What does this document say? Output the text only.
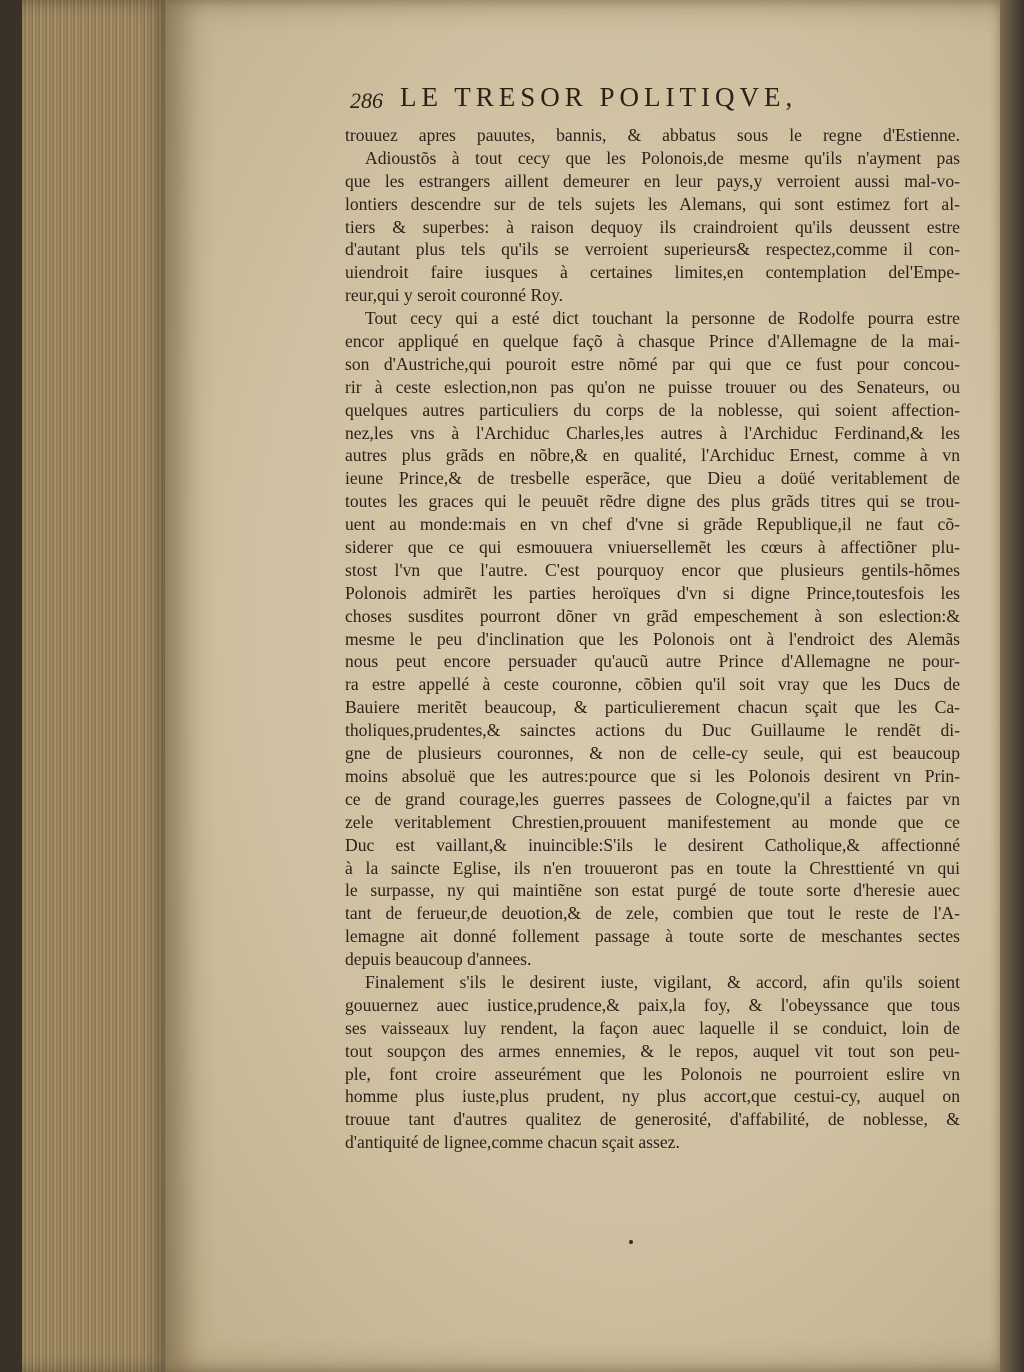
286 LE TRESOR POLITIQVE,
trouuez apres pauutes, bannis, & abbatus sous le regne d'Estienne.
Adioustõs à tout cecy que les Polonois,de mesme qu'ils n'ayment pas
que les estrangers aillent demeurer en leur pays,y verroient aussi mal-vo-
lontiers descendre sur de tels sujets les Alemans, qui sont estimez fort al-
tiers & superbes: à raison dequoy ils craindroient qu'ils deussent estre
d'autant plus tels qu'ils se verroient superieurs& respectez,comme il con-
uiendroit faire iusques à certaines limites,en contemplation del'Empe-
reur,qui y seroit couronné Roy.
Tout cecy qui a esté dict touchant la personne de Rodolfe pourra estre
encor appliqué en quelque façõ à chasque Prince d'Allemagne de la mai-
son d'Austriche,qui pouroit estre nõmé par qui que ce fust pour concou-
rir à ceste eslection,non pas qu'on ne puisse trouuer ou des Senateurs, ou
quelques autres particuliers du corps de la noblesse, qui soient affection-
nez,les vns à l'Archiduc Charles,les autres à l'Archiduc Ferdinand,& les
autres plus grãds en nõbre,& en qualité, l'Archiduc Ernest, comme à vn
ieune Prince,& de tresbelle esperãce, que Dieu a doüé veritablement de
toutes les graces qui le peuuẽt rẽdre digne des plus grãds titres qui se trou-
uent au monde:mais en vn chef d'vne si grãde Republique,il ne faut cõ-
siderer que ce qui esmouuera vniuersellemẽt les cœurs à affectiõner plu-
stost l'vn que l'autre. C'est pourquoy encor que plusieurs gentils-hõmes
Polonois admirẽt les parties heroïques d'vn si digne Prince,toutesfois les
choses susdites pourront dõner vn grãd empeschement à son eslection:&
mesme le peu d'inclination que les Polonois ont à l'endroict des Alemãs
nous peut encore persuader qu'aucũ autre Prince d'Allemagne ne pour-
ra estre appellé à ceste couronne, cõbien qu'il soit vray que les Ducs de
Bauiere meritẽt beaucoup, & particulierement chacun sçait que les Ca-
tholiques,prudentes,& sainctes actions du Duc Guillaume le rendẽt di-
gne de plusieurs couronnes, & non de celle-cy seule, qui est beaucoup
moins absoluë que les autres:pource que si les Polonois desirent vn Prin-
ce de grand courage,les guerres passees de Cologne,qu'il a faictes par vn
zele veritablement Chrestien,prouuent manifestement au monde que ce
Duc est vaillant,& inuincible:S'ils le desirent Catholique,& affectionné
à la saincte Eglise, ils n'en trouueront pas en toute la Chresttienté vn qui
le surpasse, ny qui maintiẽne son estat purgé de toute sorte d'heresie auec
tant de ferueur,de deuotion,& de zele, combien que tout le reste de l'A-
lemagne ait donné follement passage à toute sorte de meschantes sectes
depuis beaucoup d'annees.
Finalement s'ils le desirent iuste, vigilant, & accord, afin qu'ils soient
gouuernez auec iustice,prudence,& paix,la foy, & l'obeyssance que tous
ses vaisseaux luy rendent, la façon auec laquelle il se conduict, loin de
tout soupçon des armes ennemies, & le repos, auquel vit tout son peu-
ple, font croire asseurément que les Polonois ne pourroient eslire vn
homme plus iuste,plus prudent, ny plus accort,que cestui-cy, auquel on
trouue tant d'autres qualitez de generosité, d'affabilité, de noblesse, &
d'antiquité de lignee,comme chacun sçait assez.
